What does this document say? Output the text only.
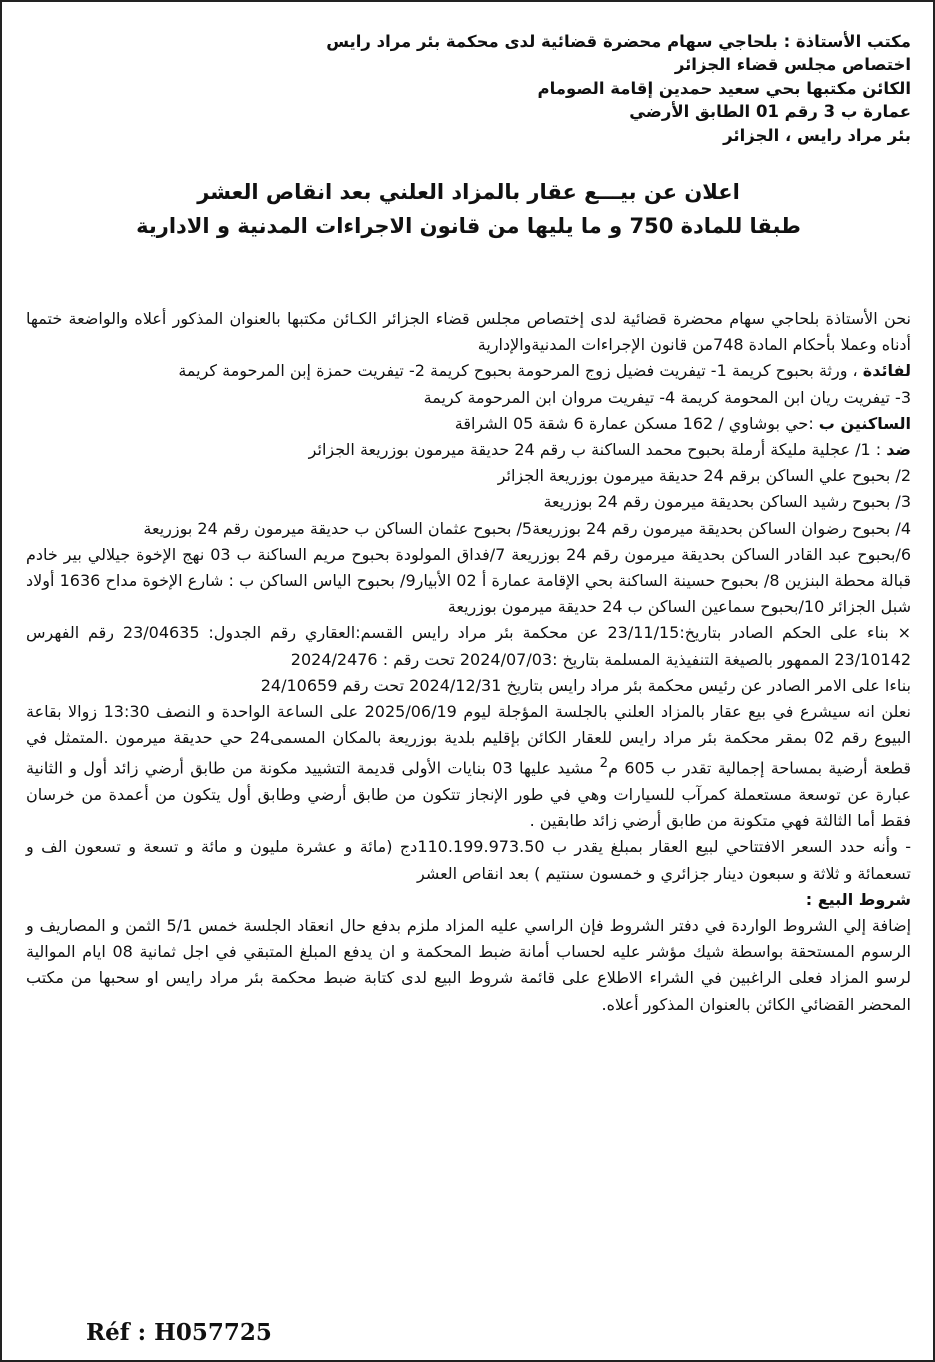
مكتب الأستاذة : بلحاجي سهام محضرة قضائية لدى محكمة بئر مراد رايس
اختصاص مجلس قضاء الجزائر
الكائن مكتبها بحي سعيد حمدين إقامة الصومام
عمارة ب 3 رقم 01 الطابق الأرضي
بئر مراد رايس ، الجزائر
اعلان عن بيـــع عقار بالمزاد العلني بعد انقاص العشر
طبقا للمادة 750 و ما يليها من قانون الاجراءات المدنية و الادارية

نحن الأستاذة بلحاجي سهام محضرة قضائية لدى إختصاص مجلس قضاء الجزائر الكـائن مكتبها بالعنوان المذكور أعلاه والواضعة ختمها أدناه وعملا بأحكام المادة 748من قانون الإجراءات المدنيةوالإدارية

لفائدة ، ورثة بحبوح كريمة 1- تيفريت فضيل زوج المرحومة بحبوح كريمة 2- تيفريت حمزة إبن المرحومة كريمة

3- تيفريت ريان ابن المحومة كريمة 4- تيفريت مروان ابن المرحومة كريمة

الساكنين ب :حي بوشاوي / 162 مسكن عمارة 6 شقة 05 الشراقة

ضد : 1/ عجلية مليكة أرملة بحبوح محمد الساكنة ب رقم 24 حديقة ميرمون بوزريعة الجزائر

2/ بحبوح علي الساكن برقم 24 حديقة ميرمون بوزريعة الجزائر

3/ بحبوح رشيد الساكن بحديقة ميرمون رقم 24 بوزريعة

4/ بحبوح رضوان الساكن بحديقة ميرمون رقم 24 بوزريعة5/ بحبوح عثمان الساكن ب حديقة ميرمون رقم 24 بوزريعة

6/بحبوح عبد القادر الساكن بحديقة ميرمون رقم 24 بوزريعة 7/فداق المولودة بحبوح مريم الساكنة ب 03 نهج الإخوة جيلالي بير خادم قبالة محطة البنزين 8/ بحبوح حسينة الساكنة بحي الإقامة عمارة أ 02 الأبيار9/ بحبوح الياس الساكن ب : شارع الإخوة مداح 1636 أولاد شبل الجزائر 10/بحبوح سماعين الساكن ب 24 حديقة ميرمون بوزريعة

× بناء على الحكم الصادر بتاريخ:23/11/15 عن محكمة بئر مراد رايس القسم:العقاري رقم الجدول: 23/04635 رقم الفهرس 23/10142 الممهور بالصيغة التنفيذية المسلمة بتاريخ :2024/07/03 تحت رقم : 2024/2476

بناءا على الامر الصادر عن رئيس محكمة بئر مراد رايس بتاريخ 2024/12/31 تحت رقم 24/10659

نعلن انه سيشرع في بيع عقار بالمزاد العلني بالجلسة المؤجلة ليوم 2025/06/19 على الساعة الواحدة و النصف 13:30 زوالا بقاعة البيوع رقم 02 بمقر محكمة بئر مراد رايس للعقار الكائن بإقليم بلدية بوزريعة بالمكان المسمى24 حي حديقة ميرمون .المتمثل في قطعة أرضية بمساحة إجمالية تقدر ب 605 م$^2$ مشيد عليها 03 بنايات الأولى قديمة التشييد مكونة من طابق أرضي زائد أول و الثانية عبارة عن توسعة مستعملة كمرآب للسيارات وهي في طور الإنجاز تتكون من طابق أرضي وطابق أول يتكون من أعمدة من خرسان فقط أما الثالثة فهي متكونة من طابق أرضي زائد طابقين .

- وأنه حدد السعر الافتتاحي لبيع العقار بمبلغ يقدر ب 110.199.973.50دج (مائة و عشرة مليون و مائة و تسعة و تسعون الف و تسعمائة و ثلاثة و سبعون دينار جزائري و خمسون سنتيم ) بعد انقاص العشر

شروط البيع :

إضافة إلي الشروط الواردة في دفتر الشروط فإن الراسي عليه المزاد ملزم بدفع حال انعقاد الجلسة خمس 5/1 الثمن و المصاريف و الرسوم المستحقة بواسطة شيك مؤشر عليه لحساب أمانة ضبط المحكمة و ان يدفع المبلغ المتبقي في اجل ثمانية 08 ايام الموالية لرسو المزاد فعلى الراغبين في الشراء الاطلاع على قائمة شروط البيع لدى كتابة ضبط محكمة بئر مراد رايس او سحبها من مكتب المحضر القضائي الكائن بالعنوان المذكور أعلاه.

Réf : H057725
